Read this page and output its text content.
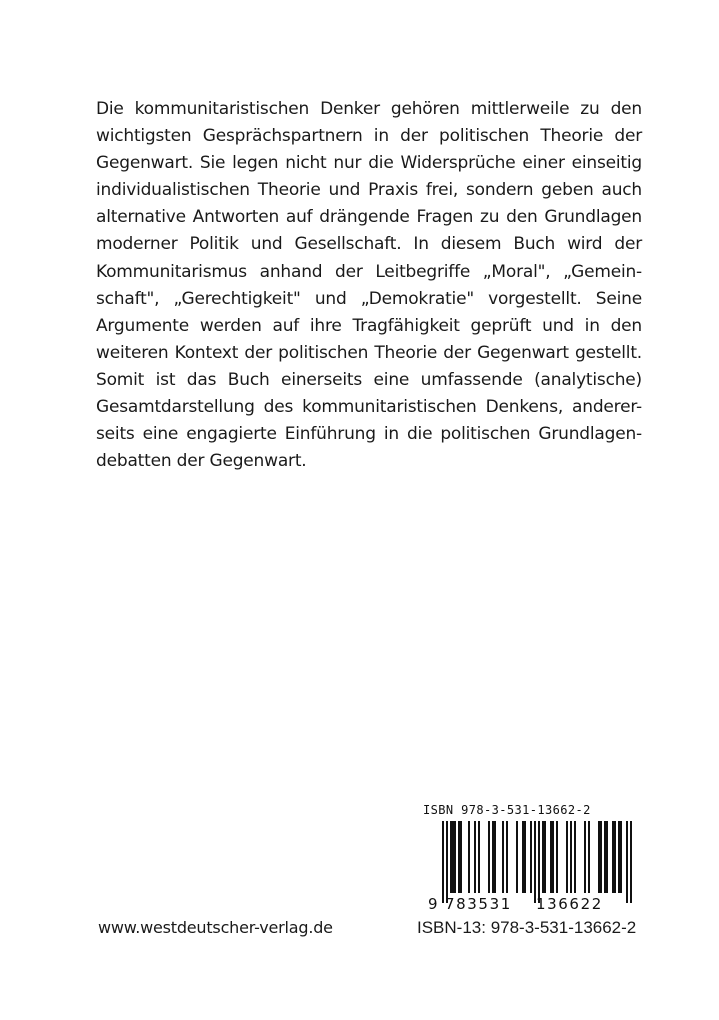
Die kommunitaristischen Denker gehören mittlerweile zu den
wichtigsten Gesprächspartnern in der politischen Theorie der
Gegenwart. Sie legen nicht nur die Widersprüche einer einseitig
individualistischen Theorie und Praxis frei, sondern geben auch
alternative Antworten auf drängende Fragen zu den Grundlagen
moderner Politik und Gesellschaft. In diesem Buch wird der
Kommunitarismus anhand der Leitbegriffe „Moral", „Gemein-
schaft", „Gerechtigkeit" und „Demokratie" vorgestellt. Seine
Argumente werden auf ihre Tragfähigkeit geprüft und in den
weiteren Kontext der politischen Theorie der Gegenwart gestellt.
Somit ist das Buch einerseits eine umfassende (analytische)
Gesamtdarstellung des kommunitaristischen Denkens, anderer-
seits eine engagierte Einführung in die politischen Grundlagen-
debatten der Gegenwart.
ISBN 978-3-531-13662-2
9 783531 136622
www.westdeutscher-verlag.de	ISBN-13: 978-3-531-13662-2
